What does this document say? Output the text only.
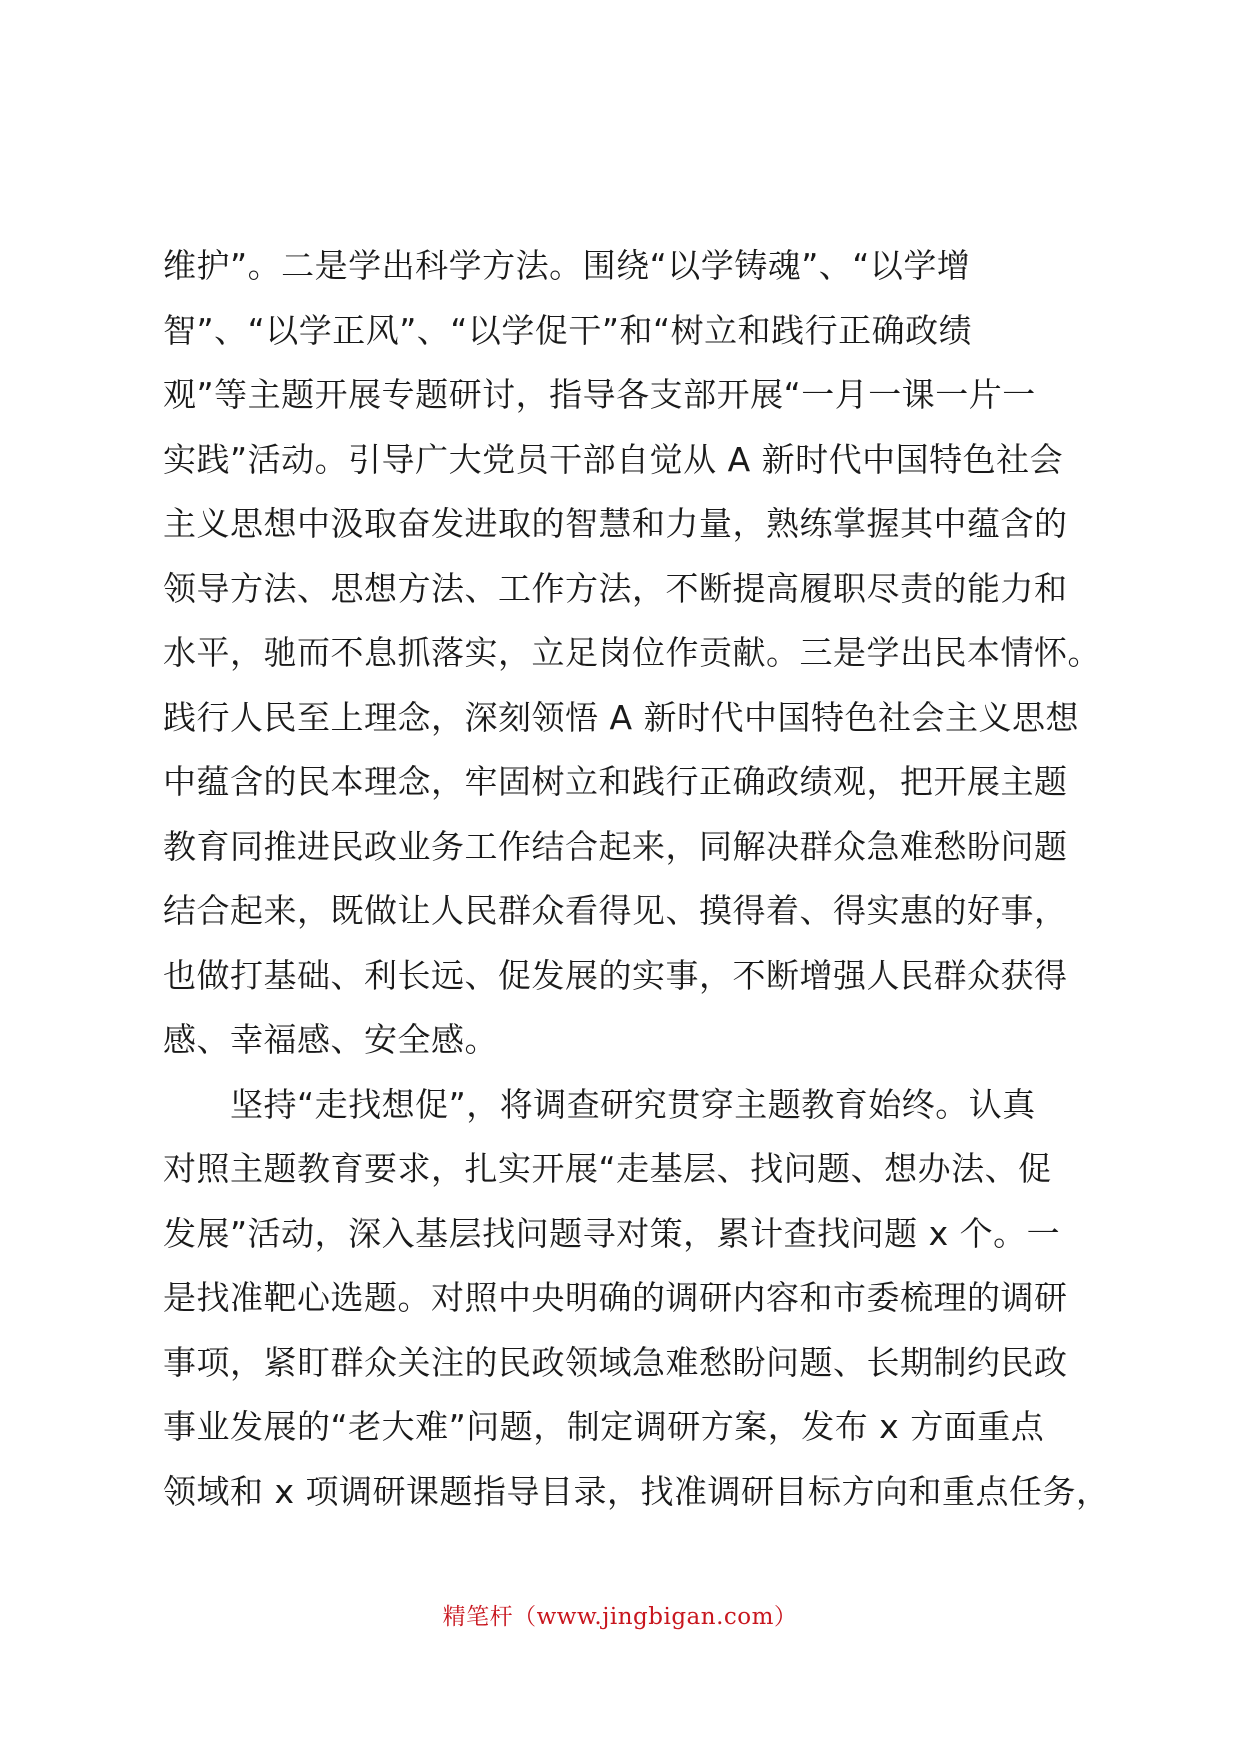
维护”。二是学出科学方法。围绕“以学铸魂”、“以学增
智”、“以学正风”、“以学促干”和“树立和践行正确政绩
观”等主题开展专题研讨，指导各支部开展“一月一课一片一
实践”活动。引导广大党员干部自觉从 A 新时代中国特色社会
主义思想中汲取奋发进取的智慧和力量，熟练掌握其中蕴含的
领导方法、思想方法、工作方法，不断提高履职尽责的能力和
水平，驰而不息抓落实，立足岗位作贡献。三是学出民本情怀。
践行人民至上理念，深刻领悟 A 新时代中国特色社会主义思想
中蕴含的民本理念，牢固树立和践行正确政绩观，把开展主题
教育同推进民政业务工作结合起来，同解决群众急难愁盼问题
结合起来，既做让人民群众看得见、摸得着、得实惠的好事，
也做打基础、利长远、促发展的实事，不断增强人民群众获得
感、幸福感、安全感。
　　坚持“走找想促”，将调查研究贯穿主题教育始终。认真
对照主题教育要求，扎实开展“走基层、找问题、想办法、促
发展”活动，深入基层找问题寻对策，累计查找问题 x 个。一
是找准靶心选题。对照中央明确的调研内容和市委梳理的调研
事项，紧盯群众关注的民政领域急难愁盼问题、长期制约民政
事业发展的“老大难”问题，制定调研方案，发布 x 方面重点
领域和 x 项调研课题指导目录，找准调研目标方向和重点任务，
精笔杆（www.jingbigan.com）
